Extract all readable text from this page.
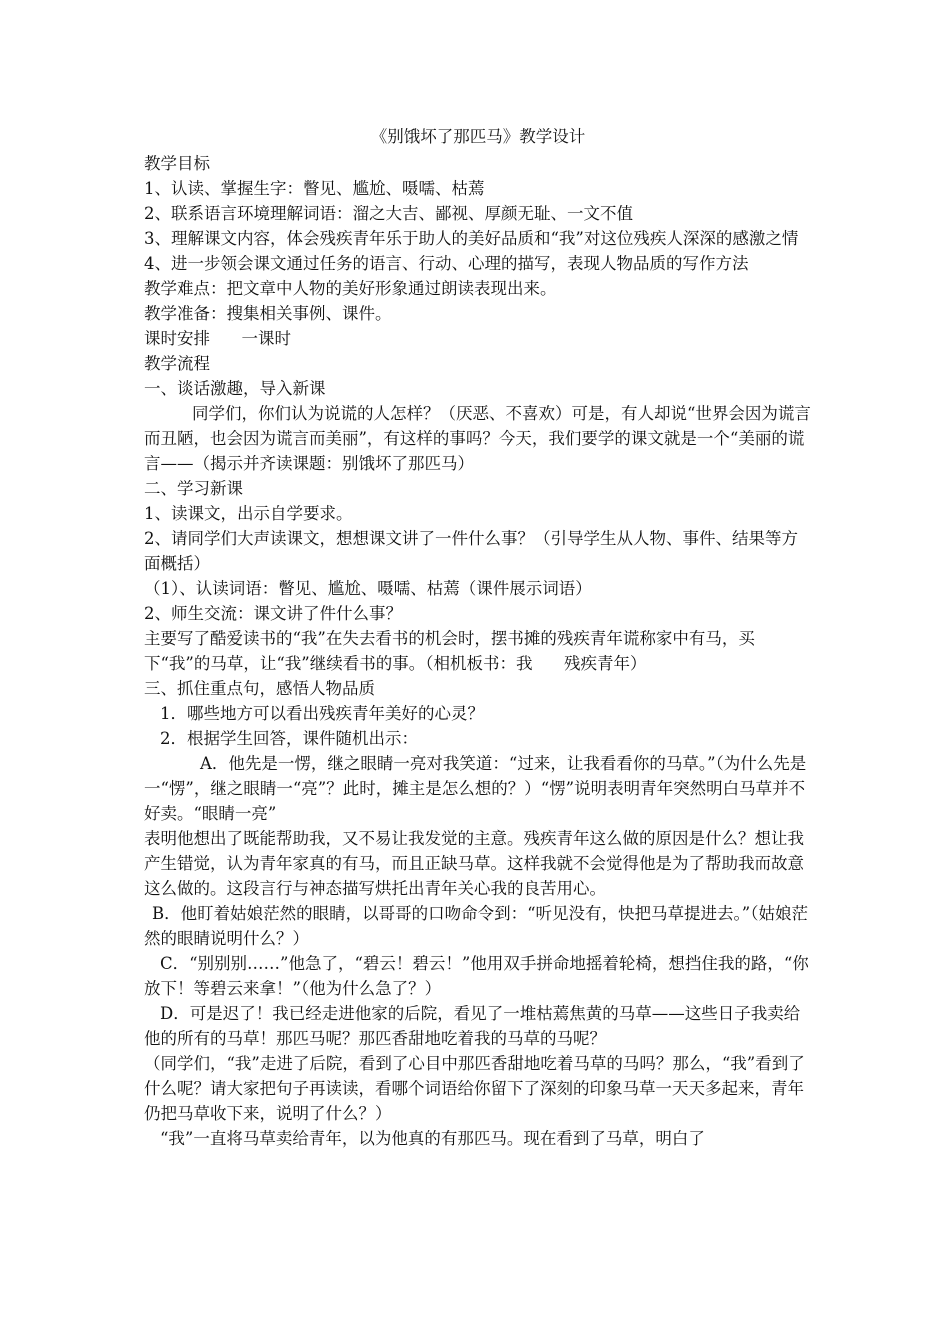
《别饿坏了那匹马》教学设计

教学目标

1、认读、掌握生字：瞥见、尴尬、嗫嚅、枯蔫

2、联系语言环境理解词语：溜之大吉、鄙视、厚颜无耻、一文不值

3、理解课文内容，体会残疾青年乐于助人的美好品质和“我”对这位残疾人深深的感激之情

4、进一步领会课文通过任务的语言、行动、心理的描写，表现人物品质的写作方法

教学难点：把文章中人物的美好形象通过朗读表现出来。

教学准备：搜集相关事例、课件。

课时安排      一课时

教学流程

一、谈话激趣，导入新课

同学们，你们认为说谎的人怎样？（厌恶、不喜欢）可是，有人却说“世界会因为谎言而丑陋，也会因为谎言而美丽”，有这样的事吗？今天，我们要学的课文就是一个“美丽的谎言——（揭示并齐读课题：别饿坏了那匹马）

二、学习新课

1、读课文，出示自学要求。

2、请同学们大声读课文，想想课文讲了一件什么事？（引导学生从人物、事件、结果等方面概括）

（1）、认读词语：瞥见、尴尬、嗫嚅、枯蔫（课件展示词语）

2、师生交流：课文讲了件什么事？

主要写了酷爱读书的“我”在失去看书的机会时，摆书摊的残疾青年谎称家中有马，买下“我”的马草，让“我”继续看书的事。（相机板书：我      残疾青年）

三、抓住重点句，感悟人物品质

1．哪些地方可以看出残疾青年美好的心灵？

2．根据学生回答，课件随机出示：

A．他先是一愣，继之眼睛一亮对我笑道：“过来，让我看看你的马草。”（为什么先是一“愣”，继之眼睛一“亮”？此时，摊主是怎么想的？）“愣”说明表明青年突然明白马草并不好卖。“眼睛一亮”

表明他想出了既能帮助我，又不易让我发觉的主意。残疾青年这么做的原因是什么？想让我产生错觉，认为青年家真的有马，而且正缺马草。这样我就不会觉得他是为了帮助我而故意这么做的。这段言行与神态描写烘托出青年关心我的良苦用心。

B．他盯着姑娘茫然的眼睛，以哥哥的口吻命令到：“听见没有，快把马草提进去。”（姑娘茫然的眼睛说明什么？）

C．“别别别……”他急了，“碧云！碧云！”他用双手拼命地摇着轮椅，想挡住我的路，“你放下！等碧云来拿！”（他为什么急了？）

D．可是迟了！我已经走进他家的后院，看见了一堆枯蔫焦黄的马草——这些日子我卖给他的所有的马草！那匹马呢？那匹香甜地吃着我的马草的马呢？

（同学们，“我”走进了后院，看到了心目中那匹香甜地吃着马草的马吗？那么，“我”看到了什么呢？请大家把句子再读读，看哪个词语给你留下了深刻的印象马草一天天多起来，青年仍把马草收下来，说明了什么？）

“我”一直将马草卖给青年，以为他真的有那匹马。现在看到了马草，明白了
